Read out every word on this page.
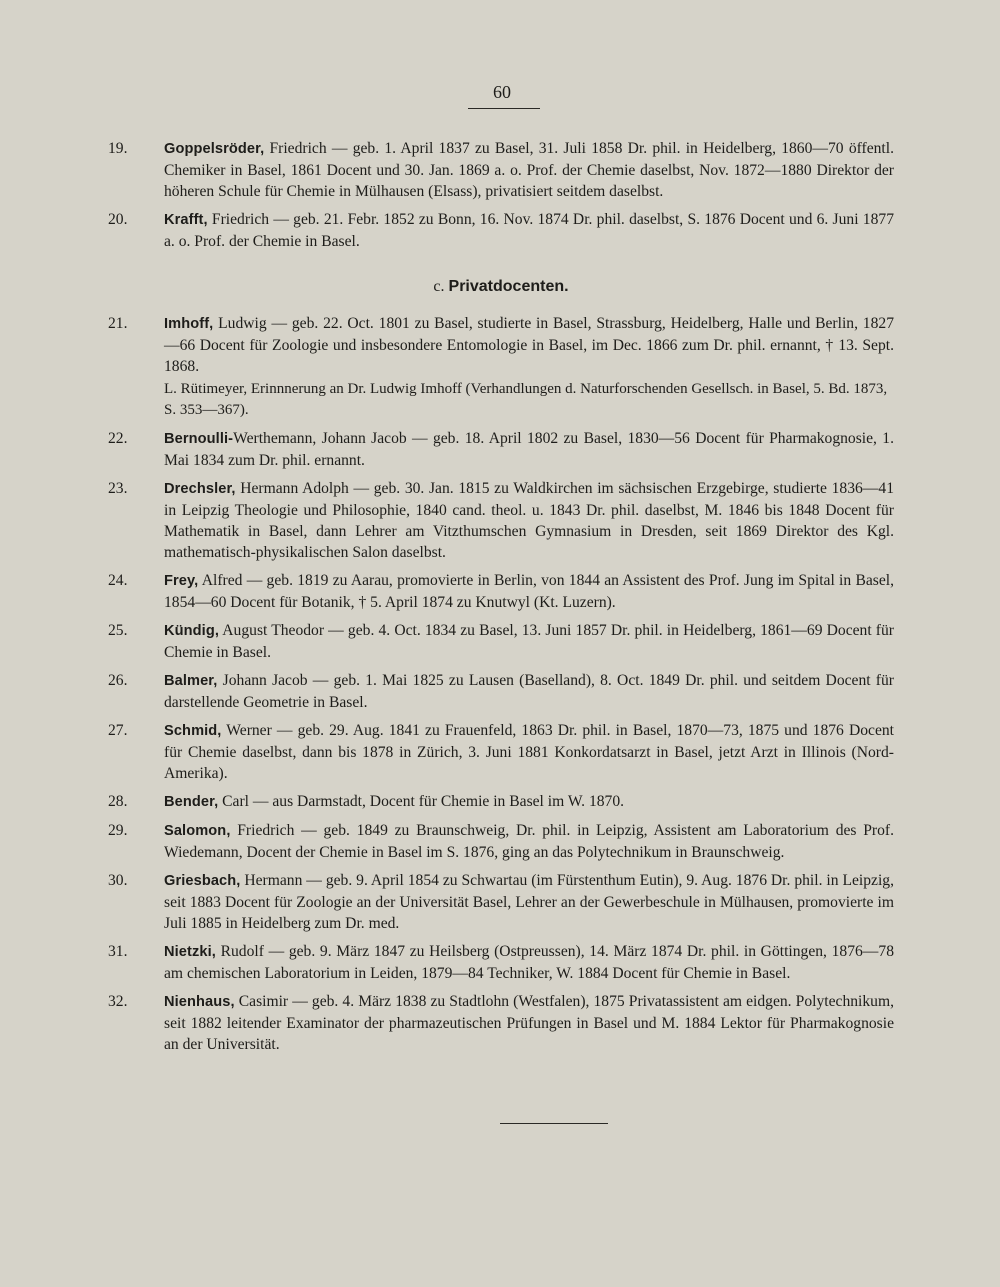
60
19.	Goppelsröder, Friedrich — geb. 1. April 1837 zu Basel, 31. Juli 1858 Dr. phil. in Heidelberg, 1860—70 öffentl. Chemiker in Basel, 1861 Docent und 30. Jan. 1869 a. o. Prof. der Chemie daselbst, Nov. 1872—1880 Direktor der höheren Schule für Chemie in Mülhausen (Elsass), privatisiert seitdem daselbst.
20.	Krafft, Friedrich — geb. 21. Febr. 1852 zu Bonn, 16. Nov. 1874 Dr. phil. daselbst, S. 1876 Docent und 6. Juni 1877 a. o. Prof. der Chemie in Basel.
c. Privatdocenten.
21.	Imhoff, Ludwig — geb. 22. Oct. 1801 zu Basel, studierte in Basel, Strassburg, Heidelberg, Halle und Berlin, 1827—66 Docent für Zoologie und insbesondere Entomologie in Basel, im Dec. 1866 zum Dr. phil. ernannt, † 13. Sept. 1868.
L. Rütimeyer, Erinnnerung an Dr. Ludwig Imhoff (Verhandlungen d. Naturforschenden Gesellsch. in Basel, 5. Bd. 1873, S. 353—367).
22.	Bernoulli-Werthemann, Johann Jacob — geb. 18. April 1802 zu Basel, 1830—56 Docent für Pharmakognosie, 1. Mai 1834 zum Dr. phil. ernannt.
23.	Drechsler, Hermann Adolph — geb. 30. Jan. 1815 zu Waldkirchen im sächsischen Erzgebirge, studierte 1836—41 in Leipzig Theologie und Philosophie, 1840 cand. theol. u. 1843 Dr. phil. daselbst, M. 1846 bis 1848 Docent für Mathematik in Basel, dann Lehrer am Vitzthumschen Gymnasium in Dresden, seit 1869 Direktor des Kgl. mathematisch-physikalischen Salon daselbst.
24.	Frey, Alfred — geb. 1819 zu Aarau, promovierte in Berlin, von 1844 an Assistent des Prof. Jung im Spital in Basel, 1854—60 Docent für Botanik, † 5. April 1874 zu Knutwyl (Kt. Luzern).
25.	Kündig, August Theodor — geb. 4. Oct. 1834 zu Basel, 13. Juni 1857 Dr. phil. in Heidelberg, 1861—69 Docent für Chemie in Basel.
26.	Balmer, Johann Jacob — geb. 1. Mai 1825 zu Lausen (Baselland), 8. Oct. 1849 Dr. phil. und seitdem Docent für darstellende Geometrie in Basel.
27.	Schmid, Werner — geb. 29. Aug. 1841 zu Frauenfeld, 1863 Dr. phil. in Basel, 1870—73, 1875 und 1876 Docent für Chemie daselbst, dann bis 1878 in Zürich, 3. Juni 1881 Konkordatsarzt in Basel, jetzt Arzt in Illinois (Nord-Amerika).
28.	Bender, Carl — aus Darmstadt, Docent für Chemie in Basel im W. 1870.
29.	Salomon, Friedrich — geb. 1849 zu Braunschweig, Dr. phil. in Leipzig, Assistent am Laboratorium des Prof. Wiedemann, Docent der Chemie in Basel im S. 1876, ging an das Polytechnikum in Braunschweig.
30.	Griesbach, Hermann — geb. 9. April 1854 zu Schwartau (im Fürstenthum Eutin), 9. Aug. 1876 Dr. phil. in Leipzig, seit 1883 Docent für Zoologie an der Universität Basel, Lehrer an der Gewerbeschule in Mülhausen, promovierte im Juli 1885 in Heidelberg zum Dr. med.
31.	Nietzki, Rudolf — geb. 9. März 1847 zu Heilsberg (Ostpreussen), 14. März 1874 Dr. phil. in Göttingen, 1876—78 am chemischen Laboratorium in Leiden, 1879—84 Techniker, W. 1884 Docent für Chemie in Basel.
32.	Nienhaus, Casimir — geb. 4. März 1838 zu Stadtlohn (Westfalen), 1875 Privatassistent am eidgen. Polytechnikum, seit 1882 leitender Examinator der pharmazeutischen Prüfungen in Basel und M. 1884 Lektor für Pharmakognosie an der Universität.
